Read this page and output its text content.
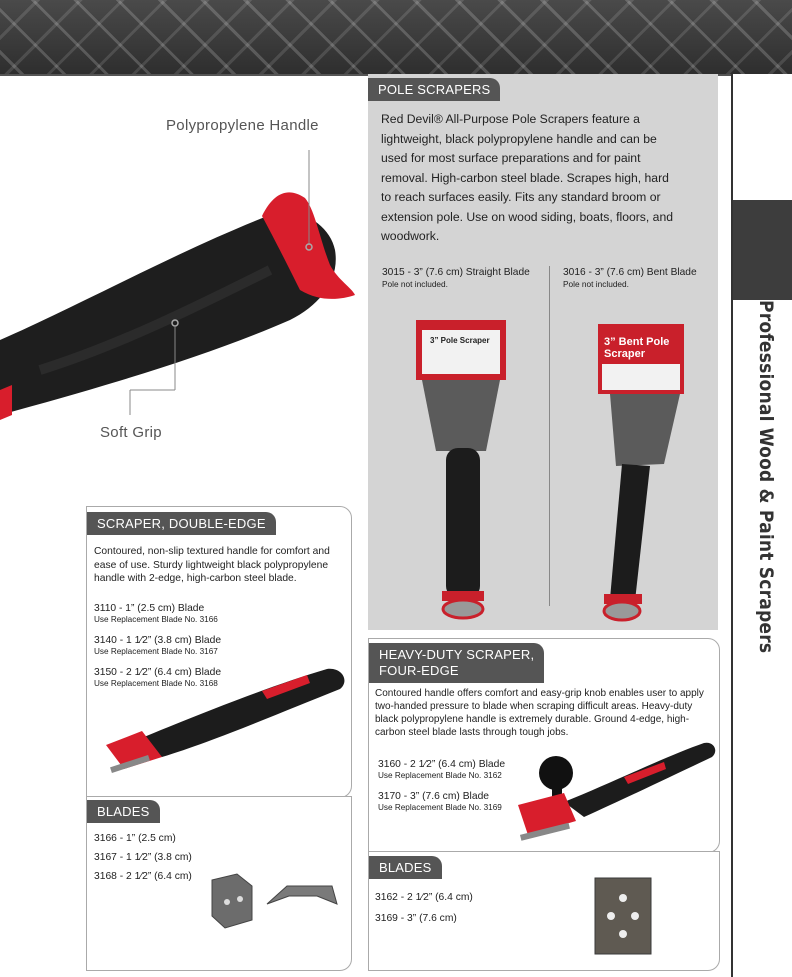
Professional Wood & Paint Scrapers
Polypropylene Handle
Soft Grip
POLE SCRAPERS
Red Devil® All-Purpose Pole Scrapers feature a lightweight, black polypropylene handle and can be used for most surface preparations and for paint removal. High-carbon steel blade. Scrapes high, hard to reach surfaces easily. Fits any standard broom or extension pole. Use on wood siding, boats, floors, and woodwork.
3015 - 3” (7.6 cm) Straight Blade
Pole not included.
3016 - 3” (7.6 cm) Bent Blade
Pole not included.
3” Pole Scraper	3” Bent Pole Scraper
SCRAPER, DOUBLE-EDGE
Contoured, non-slip textured handle for comfort and ease of use. Sturdy lightweight black polypropylene handle with 2-edge, high-carbon steel blade.
3110 - 1” (2.5 cm) Blade
Use Replacement Blade No. 3166
3140 - 1 1⁄2” (3.8 cm) Blade
Use Replacement Blade No. 3167
3150 - 2 1⁄2” (6.4 cm) Blade
Use Replacement Blade No. 3168
BLADES
3166 - 1” (2.5 cm)
3167 - 1 1⁄2” (3.8 cm)
3168 - 2 1⁄2” (6.4 cm)
HEAVY-DUTY SCRAPER,
FOUR-EDGE
Contoured handle offers comfort and easy-grip knob enables user to apply two-handed pressure to blade when scraping difficult areas. Heavy-duty black polypropylene handle is extremely durable. Ground 4-edge, high-carbon steel blade lasts through tough jobs.
3160 - 2 1⁄2” (6.4 cm) Blade
Use Replacement Blade No. 3162
3170 - 3” (7.6 cm) Blade
Use Replacement Blade No. 3169
BLADES
3162 - 2 1⁄2” (6.4 cm)
3169 - 3” (7.6 cm)
